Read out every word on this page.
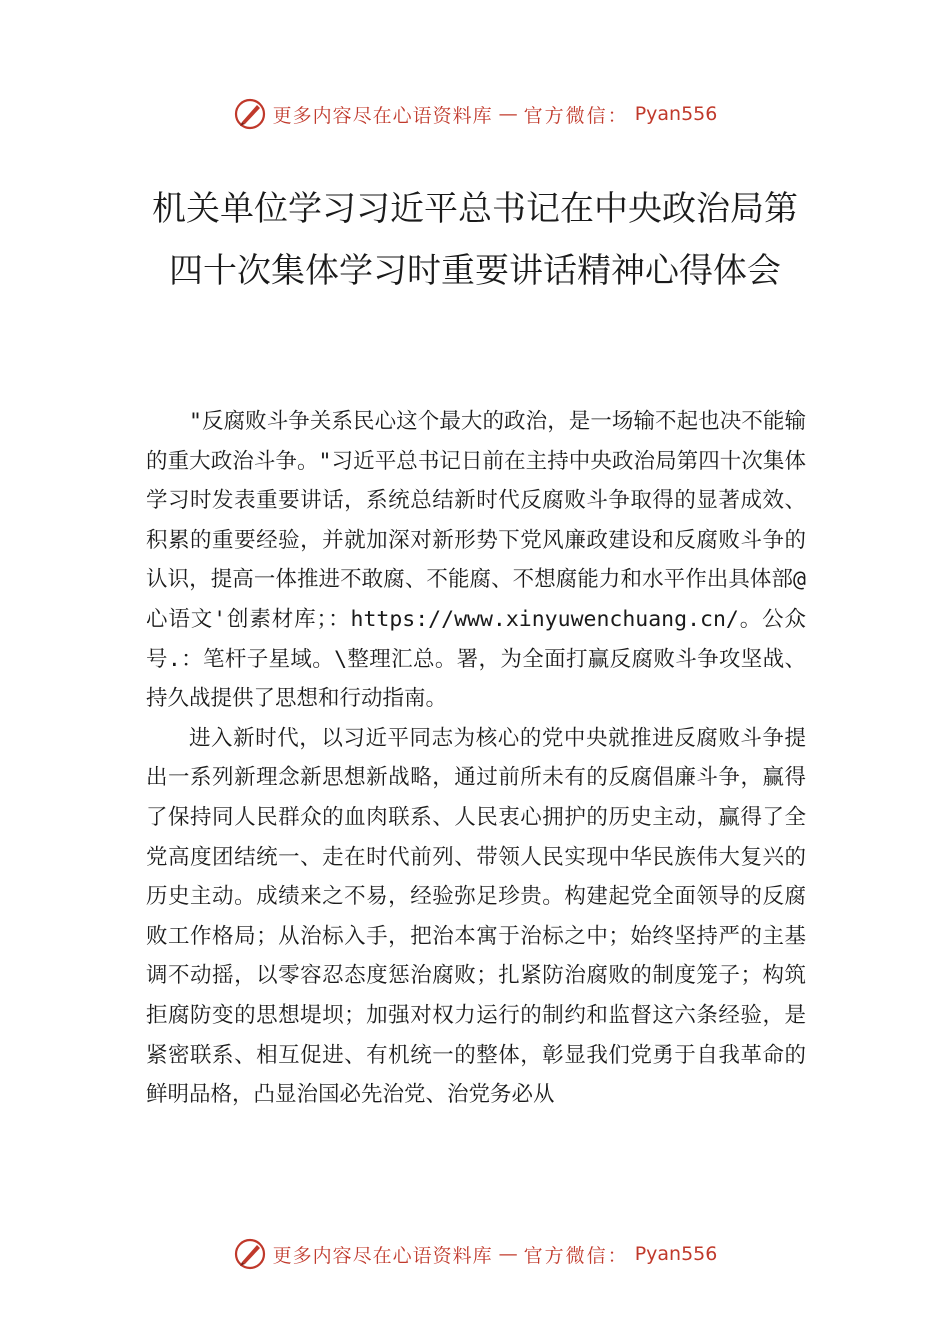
更多内容尽在心语资料库 — 官方微信： Pyan556
机关单位学习习近平总书记在中央政治局第四十次集体学习时重要讲话精神心得体会

"反腐败斗争关系民心这个最大的政治，是一场输不起也决不能输的重大政治斗争。"习近平总书记日前在主持中央政治局第四十次集体学习时发表重要讲话，系统总结新时代反腐败斗争取得的显著成效、积累的重要经验，并就加深对新形势下党风廉政建设和反腐败斗争的认识，提高一体推进不敢腐、不能腐、不想腐能力和水平作出具体部@心语文'创素材库；：https://www.xinyuwenchuang.cn/。公众号.：笔杆子星域。\整理汇总。署，为全面打赢反腐败斗争攻坚战、持久战提供了思想和行动指南。

进入新时代，以习近平同志为核心的党中央就推进反腐败斗争提出一系列新理念新思想新战略，通过前所未有的反腐倡廉斗争，赢得了保持同人民群众的血肉联系、人民衷心拥护的历史主动，赢得了全党高度团结统一、走在时代前列、带领人民实现中华民族伟大复兴的历史主动。成绩来之不易，经验弥足珍贵。构建起党全面领导的反腐败工作格局；从治标入手，把治本寓于治标之中；始终坚持严的主基调不动摇，以零容忍态度惩治腐败；扎紧防治腐败的制度笼子；构筑拒腐防变的思想堤坝；加强对权力运行的制约和监督这六条经验，是紧密联系、相互促进、有机统一的整体，彰显我们党勇于自我革命的鲜明品格，凸显治国必先治党、治党务必从

更多内容尽在心语资料库 — 官方微信： Pyan556
